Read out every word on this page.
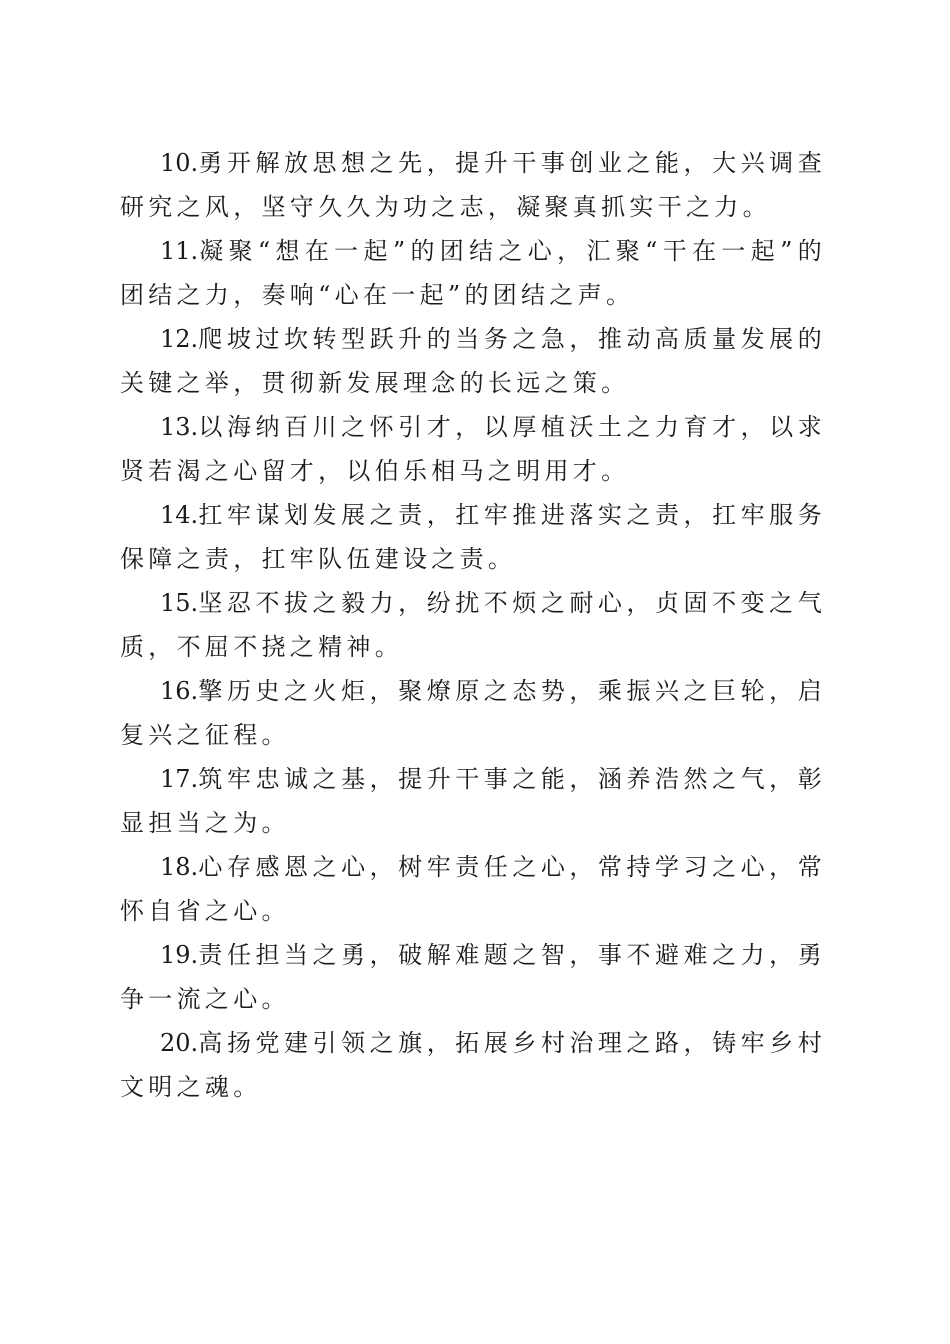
10.勇开解放思想之先，提升干事创业之能，大兴调查研究之风，坚守久久为功之志，凝聚真抓实干之力。

11.凝聚“想在一起”的团结之心，汇聚“干在一起”的团结之力，奏响“心在一起”的团结之声。

12.爬坡过坎转型跃升的当务之急，推动高质量发展的关键之举，贯彻新发展理念的长远之策。

13.以海纳百川之怀引才，以厚植沃土之力育才，以求贤若渴之心留才，以伯乐相马之明用才。

14.扛牢谋划发展之责，扛牢推进落实之责，扛牢服务保障之责，扛牢队伍建设之责。

15.坚忍不拔之毅力，纷扰不烦之耐心，贞固不变之气质，不屈不挠之精神。

16.擎历史之火炬，聚燎原之态势，乘振兴之巨轮，启复兴之征程。

17.筑牢忠诚之基，提升干事之能，涵养浩然之气，彰显担当之为。

18.心存感恩之心，树牢责任之心，常持学习之心，常怀自省之心。

19.责任担当之勇，破解难题之智，事不避难之力，勇争一流之心。

20.高扬党建引领之旗，拓展乡村治理之路，铸牢乡村文明之魂。
